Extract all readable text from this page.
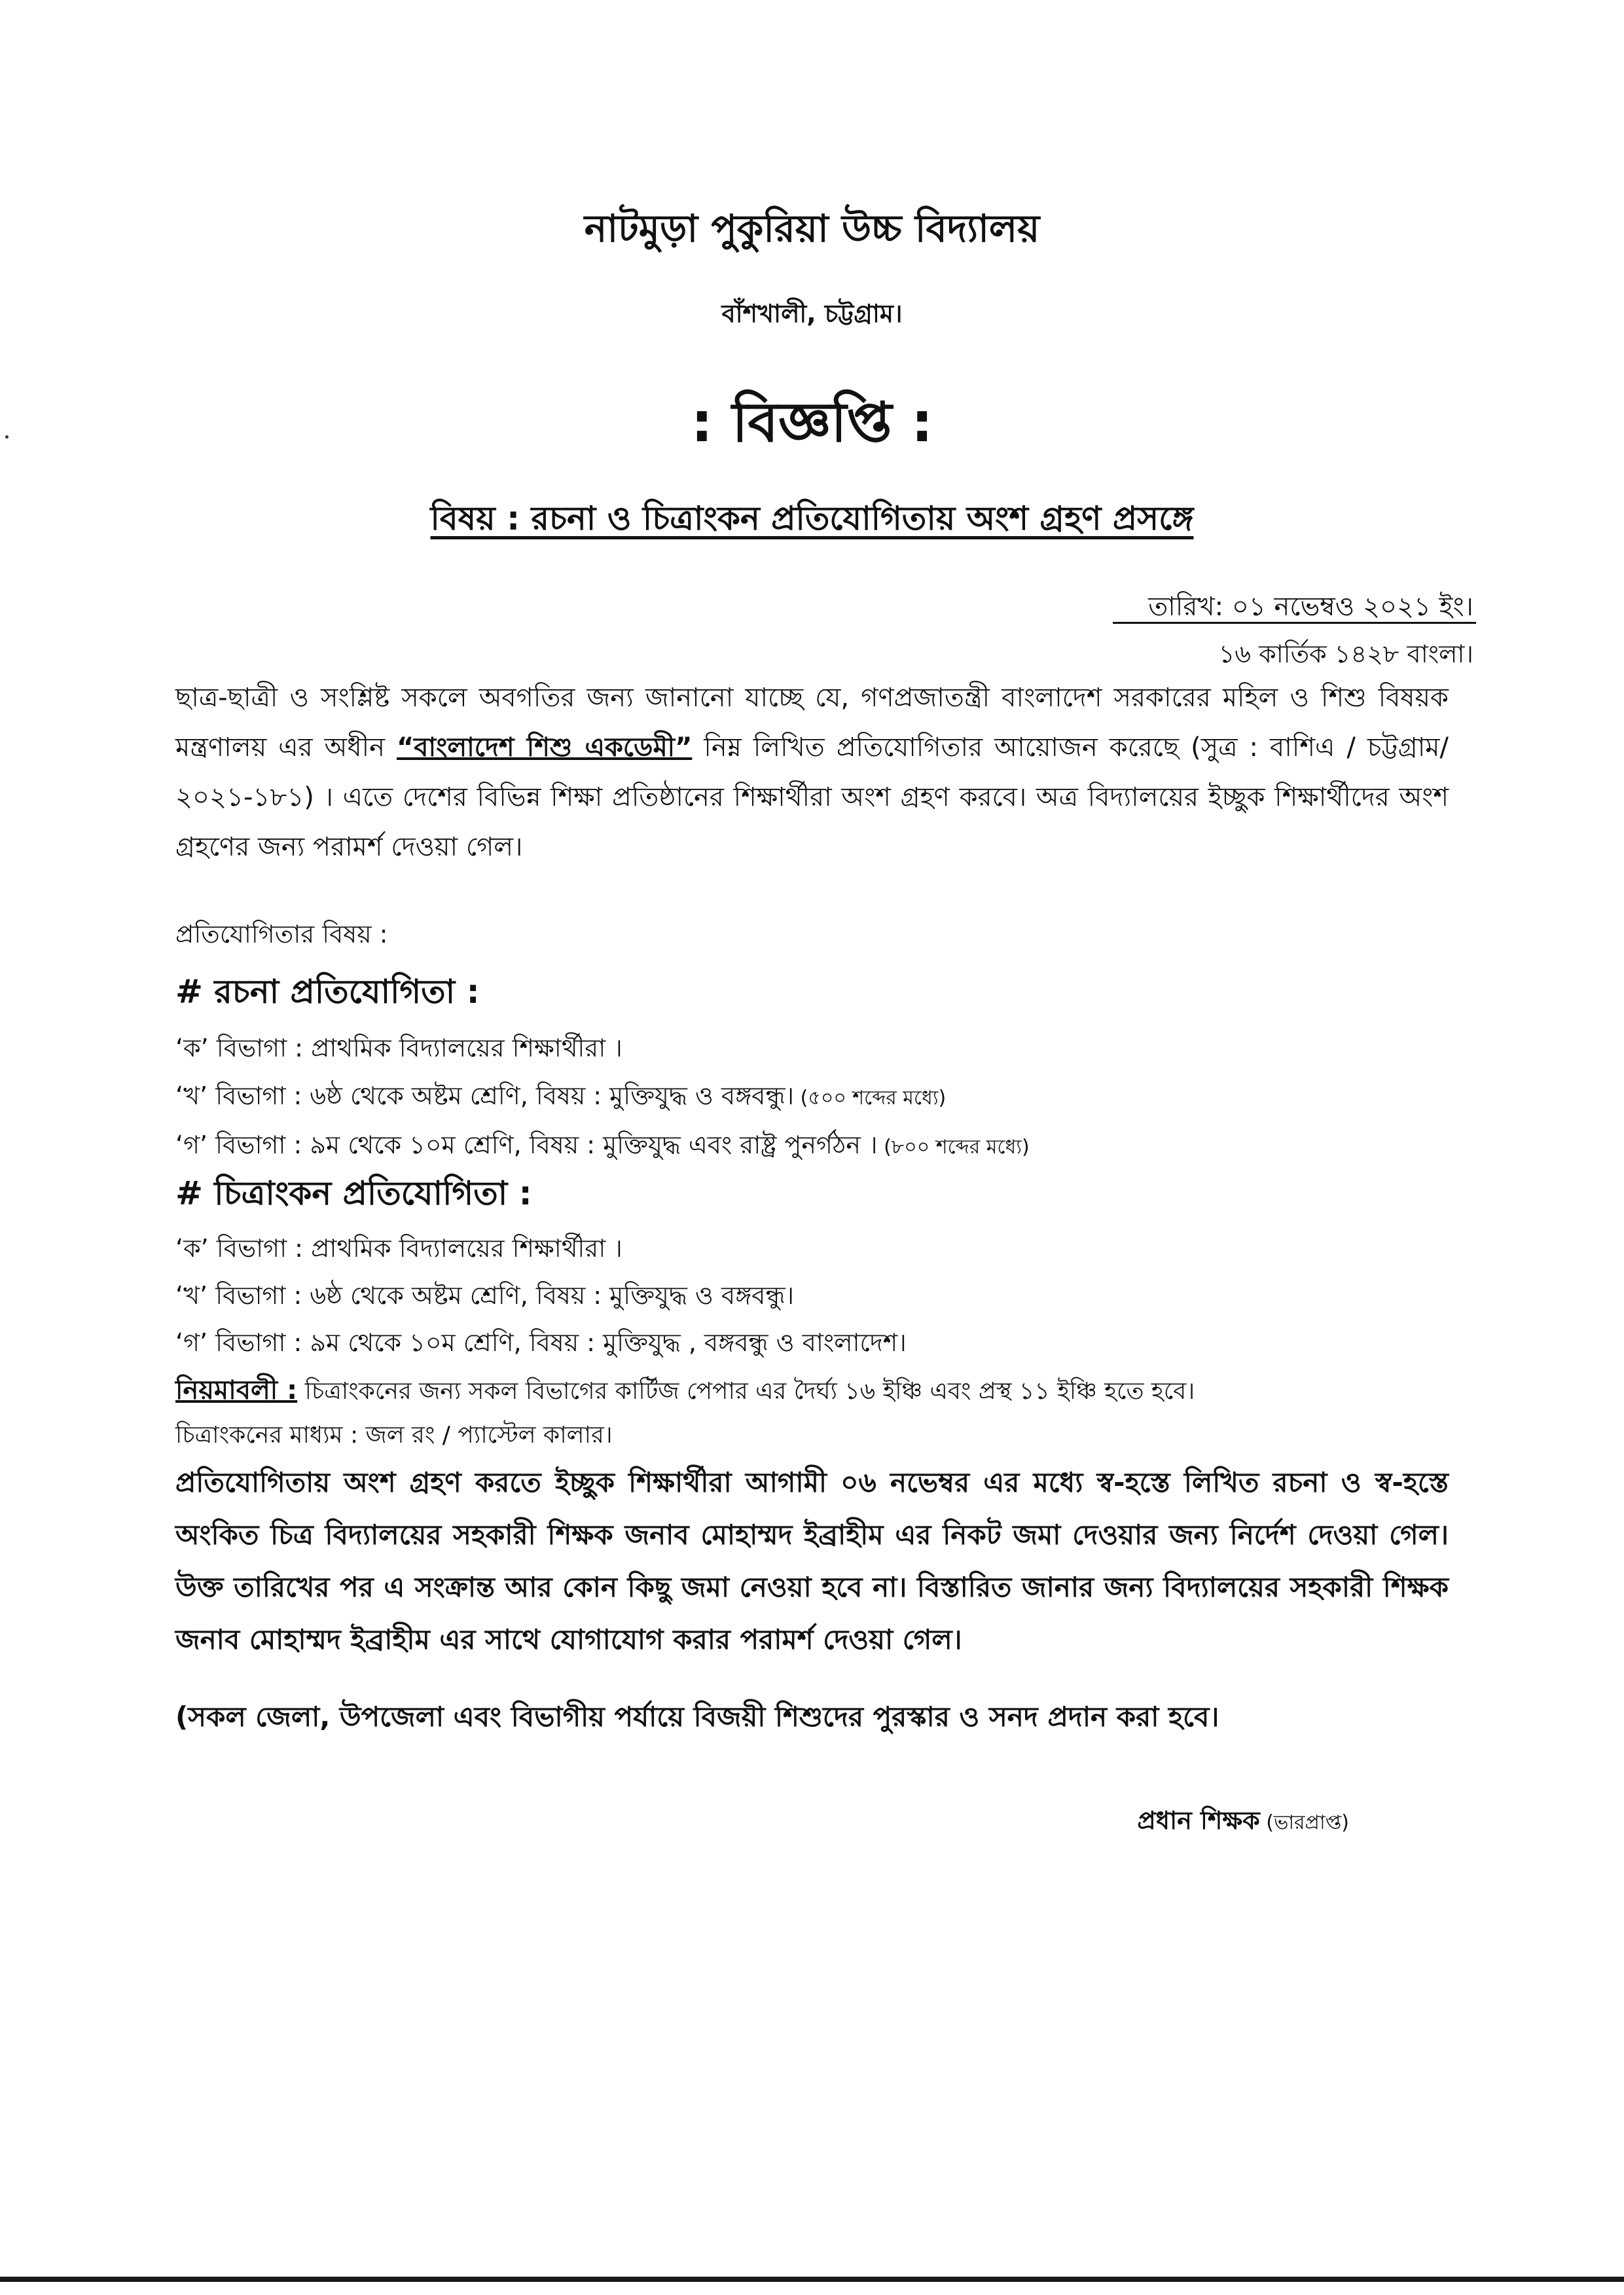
নাটমুড়া পুকুরিয়া উচ্চ বিদ্যালয়
বাঁশখালী, চট্টগ্রাম।
: বিজ্ঞপ্তি :
বিষয় : রচনা ও চিত্রাংকন প্রতিযোগিতায় অংশ গ্রহণ প্রসঙ্গে
তারিখ: ০১ নভেম্বও ২০২১ ইং।
১৬ কার্তিক ১৪২৮ বাংলা।
ছাত্র-ছাত্রী ও সংশ্লিষ্ট সকলে অবগতির জন্য জানানো যাচ্ছে যে, গণপ্রজাতন্ত্রী বাংলাদেশ সরকারের মহিল ও শিশু বিষয়ক মন্ত্রণালয় এর অধীন “বাংলাদেশ শিশু একডেমী” নিম্ন লিখিত প্রতিযোগিতার আয়োজন করেছে (সুত্র : বাশিএ / চট্টগ্রাম/২০২১-১৮১) । এতে দেশের বিভিন্ন শিক্ষা প্রতিষ্ঠানের শিক্ষার্থীরা অংশ গ্রহণ করবে। অত্র বিদ্যালয়ের ইচ্ছুক শিক্ষার্থীদের অংশ গ্রহণের জন্য পরামর্শ দেওয়া গেল।
প্রতিযোগিতার বিষয় :
# রচনা প্রতিযোগিতা :
‘ক’ বিভাগা : প্রাথমিক বিদ্যালয়ের শিক্ষার্থীরা ।
‘খ’ বিভাগা : ৬ষ্ঠ থেকে অষ্টম শ্রেণি, বিষয় : মুক্তিযুদ্ধ ও বঙ্গবন্ধু। (৫০০ শব্দের মধ্যে)
‘গ’ বিভাগা : ৯ম থেকে ১০ম শ্রেণি, বিষয় : মুক্তিযুদ্ধ এবং রাষ্ট্র পুনর্গঠন । (৮০০ শব্দের মধ্যে)
# চিত্রাংকন প্রতিযোগিতা :
‘ক’ বিভাগা : প্রাথমিক বিদ্যালয়ের শিক্ষার্থীরা ।
‘খ’ বিভাগা : ৬ষ্ঠ থেকে অষ্টম শ্রেণি, বিষয় : মুক্তিযুদ্ধ ও বঙ্গবন্ধু।
‘গ’ বিভাগা : ৯ম থেকে ১০ম শ্রেণি, বিষয় : মুক্তিযুদ্ধ , বঙ্গবন্ধু ও বাংলাদেশ।
নিয়মাবলী : চিত্রাংকনের জন্য সকল বিভাগের কার্টিজ পেপার এর দৈর্ঘ্য ১৬ ইঞ্চি এবং প্রস্থ ১১ ইঞ্চি হতে হবে।
চিত্রাংকনের মাধ্যম : জল রং / প্যাস্টেল কালার।
প্রতিযোগিতায় অংশ গ্রহণ করতে ইচ্ছুক শিক্ষার্থীরা আগামী ০৬ নভেম্বর এর মধ্যে স্ব-হস্তে লিখিত রচনা ও স্ব-হস্তে অংকিত চিত্র বিদ্যালয়ের সহকারী শিক্ষক জনাব মোহাম্মদ ইব্রাহীম এর নিকট জমা দেওয়ার জন্য নির্দেশ দেওয়া গেল। উক্ত তারিখের পর এ সংক্রান্ত আর কোন কিছু জমা নেওয়া হবে না। বিস্তারিত জানার জন্য বিদ্যালয়ের সহকারী শিক্ষক জনাব মোহাম্মদ ইব্রাহীম এর সাথে যোগাযোগ করার পরামর্শ দেওয়া গেল।
(সকল জেলা, উপজেলা এবং বিভাগীয় পর্যায়ে বিজয়ী শিশুদের পুরস্কার ও সনদ প্রদান করা হবে।
প্রধান শিক্ষক (ভারপ্রাপ্ত)
